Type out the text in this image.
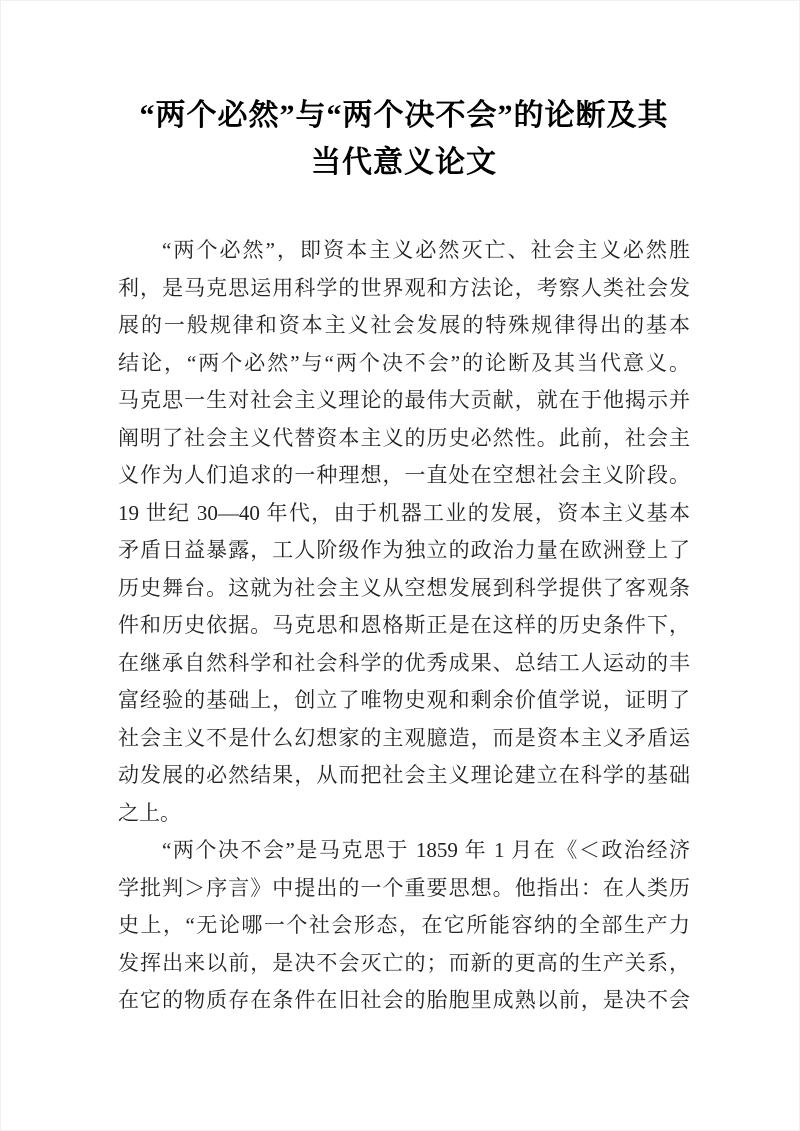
“两个必然”与“两个决不会”的论断及其
当代意义论文
“两个必然”，即资本主义必然灭亡、社会主义必然胜
利，是马克思运用科学的世界观和方法论，考察人类社会发
展的一般规律和资本主义社会发展的特殊规律得出的基本
结论，“两个必然”与“两个决不会”的论断及其当代意义。
马克思一生对社会主义理论的最伟大贡献，就在于他揭示并
阐明了社会主义代替资本主义的历史必然性。此前，社会主
义作为人们追求的一种理想，一直处在空想社会主义阶段。
19 世纪 30—40 年代，由于机器工业的发展，资本主义基本
矛盾日益暴露，工人阶级作为独立的政治力量在欧洲登上了
历史舞台。这就为社会主义从空想发展到科学提供了客观条
件和历史依据。马克思和恩格斯正是在这样的历史条件下，
在继承自然科学和社会科学的优秀成果、总结工人运动的丰
富经验的基础上，创立了唯物史观和剩余价值学说，证明了
社会主义不是什么幻想家的主观臆造，而是资本主义矛盾运
动发展的必然结果，从而把社会主义理论建立在科学的基础
之上。
“两个决不会”是马克思于 1859 年 1 月在《＜政治经济
学批判＞序言》中提出的一个重要思想。他指出：在人类历
史上，“无论哪一个社会形态，在它所能容纳的全部生产力
发挥出来以前，是决不会灭亡的；而新的更高的生产关系，
在它的物质存在条件在旧社会的胎胞里成熟以前，是决不会
